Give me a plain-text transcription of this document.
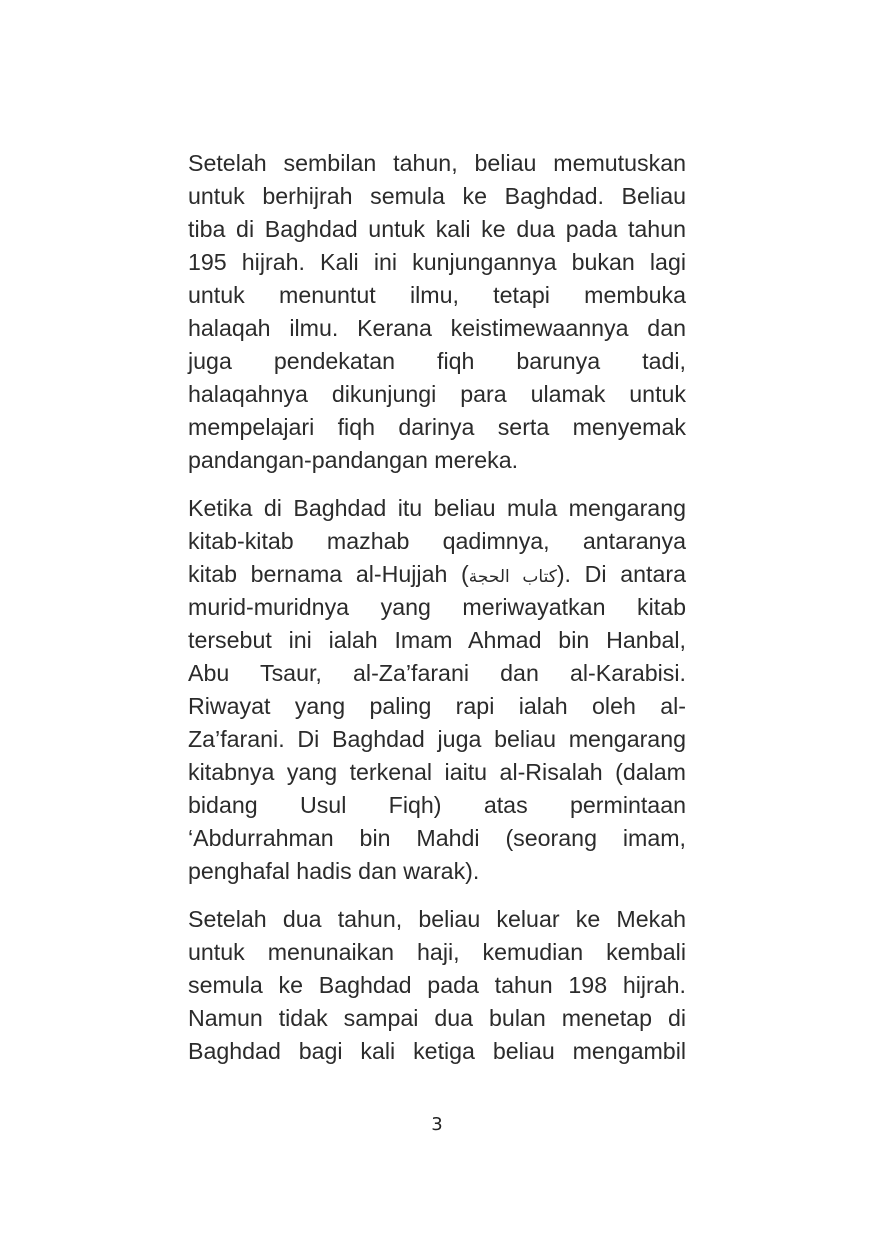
Setelah sembilan tahun, beliau memutuskan
untuk berhijrah semula ke Baghdad. Beliau
tiba di Baghdad untuk kali ke dua pada tahun
195 hijrah. Kali ini kunjungannya bukan lagi
untuk menuntut ilmu, tetapi membuka
halaqah ilmu. Kerana keistimewaannya dan
juga pendekatan fiqh barunya tadi,
halaqahnya dikunjungi para ulamak untuk
mempelajari fiqh darinya serta menyemak
pandangan-pandangan mereka.
Ketika di Baghdad itu beliau mula mengarang
kitab-kitab mazhab qadimnya, antaranya
kitab bernama al-Hujjah (كتاب الحجة). Di antara
murid-muridnya yang meriwayatkan kitab
tersebut ini ialah Imam Ahmad bin Hanbal,
Abu Tsaur, al-Za’farani dan al-Karabisi.
Riwayat yang paling rapi ialah oleh al-
Za’farani. Di Baghdad juga beliau mengarang
kitabnya yang terkenal iaitu al-Risalah (dalam
bidang Usul Fiqh) atas permintaan
‘Abdurrahman bin Mahdi (seorang imam,
penghafal hadis dan warak).
Setelah dua tahun, beliau keluar ke Mekah
untuk menunaikan haji, kemudian kembali
semula ke Baghdad pada tahun 198 hijrah.
Namun tidak sampai dua bulan menetap di
Baghdad bagi kali ketiga beliau mengambil
3
